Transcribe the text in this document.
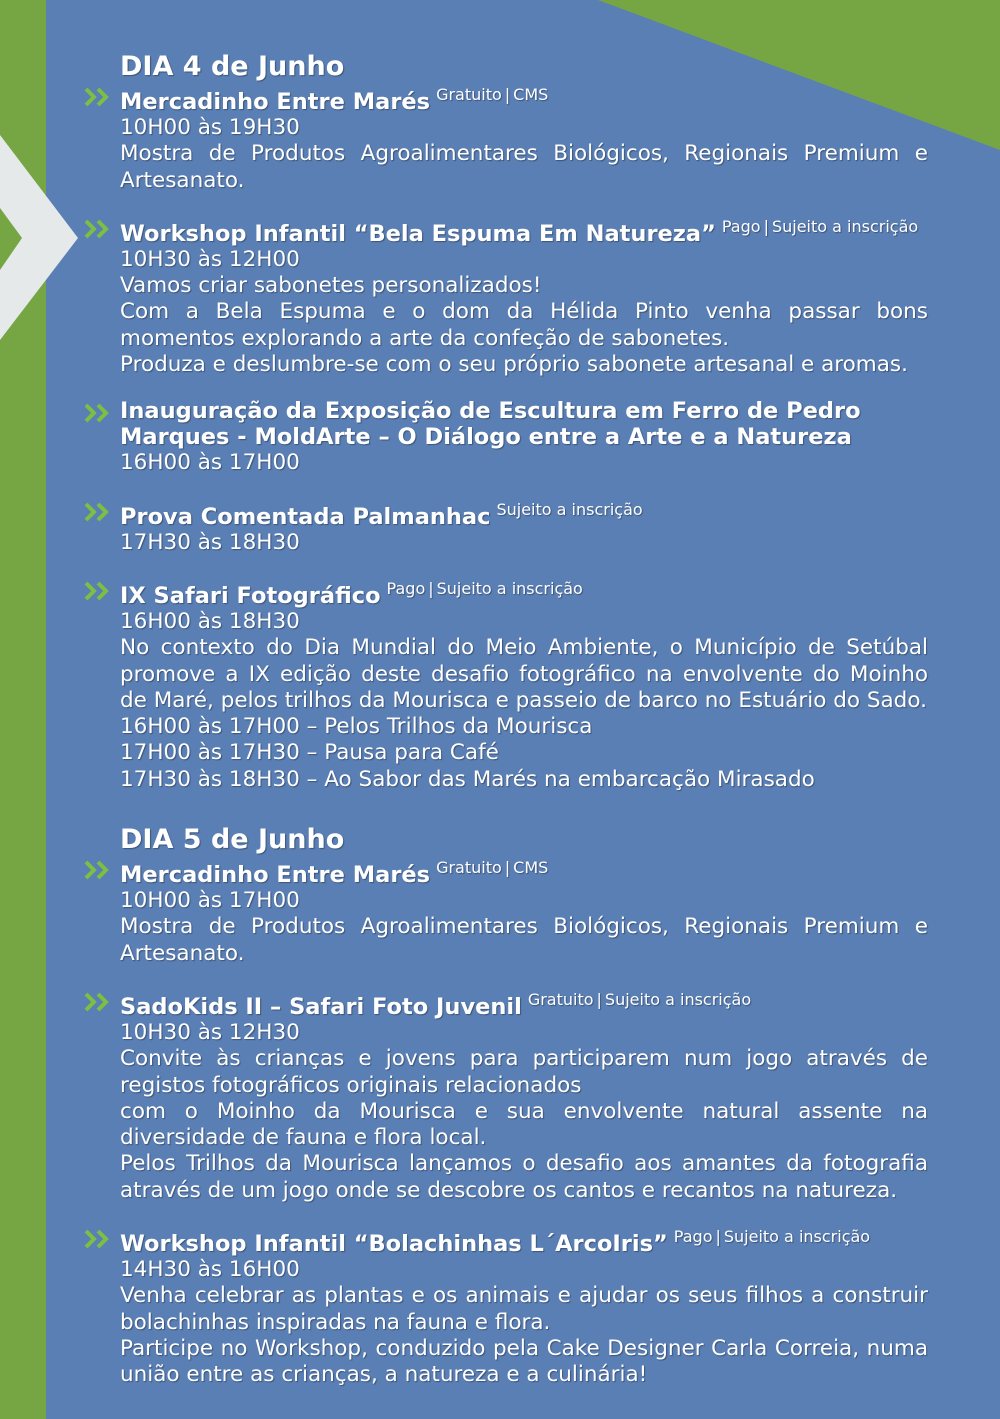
DIA 4 de Junho
Mercadinho Entre Marés $^{Gratuito | CMS}$

10H00 às 19H30

Mostra de Produtos Agroalimentares Biológicos, Regionais Premium e Artesanato.

Workshop Infantil “Bela Espuma Em Natureza” $^{Pago | Sujeito a inscrição}$

10H30 às 12H00

Vamos criar sabonetes personalizados!

Com a Bela Espuma e o dom da Hélida Pinto venha passar bons momentos explorando a arte da confeção de sabonetes.

Produza e deslumbre-se com o seu próprio sabonete artesanal e aromas.

Inauguração da Exposição de Escultura em Ferro de Pedro Marques - MoldArte – O Diálogo entre a Arte e a Natureza

16H00 às 17H00

Prova Comentada Palmanhac $^{Sujeito a inscrição}$

17H30 às 18H30

IX Safari Fotográfico $^{Pago | Sujeito a inscrição}$

16H00 às 18H30

No contexto do Dia Mundial do Meio Ambiente, o Município de Setúbal promove a IX edição deste desafio fotográfico na envolvente do Moinho de Maré, pelos trilhos da Mourisca e passeio de barco no Estuário do Sado.

16H00 às 17H00 – Pelos Trilhos da Mourisca

17H00 às 17H30 – Pausa para Café

17H30 às 18H30 – Ao Sabor das Marés na embarcação Mirasado

DIA 5 de Junho
Mercadinho Entre Marés $^{Gratuito | CMS}$

10H00 às 17H00

Mostra de Produtos Agroalimentares Biológicos, Regionais Premium e Artesanato.

SadoKids II – Safari Foto Juvenil $^{Gratuito | Sujeito a inscrição}$

10H30 às 12H30

Convite às crianças e jovens para participarem num jogo através de registos fotográficos originais relacionados

com o Moinho da Mourisca e sua envolvente natural assente na diversidade de fauna e flora local.

Pelos Trilhos da Mourisca lançamos o desafio aos amantes da fotografia através de um jogo onde se descobre os cantos e recantos na natureza.

Workshop Infantil “Bolachinhas L´ArcoIris” $^{Pago | Sujeito a inscrição}$

14H30 às 16H00

Venha celebrar as plantas e os animais e ajudar os seus filhos a construir bolachinhas inspiradas na fauna e flora.

Participe no Workshop, conduzido pela Cake Designer Carla Correia, numa união entre as crianças, a natureza e a culinária!
